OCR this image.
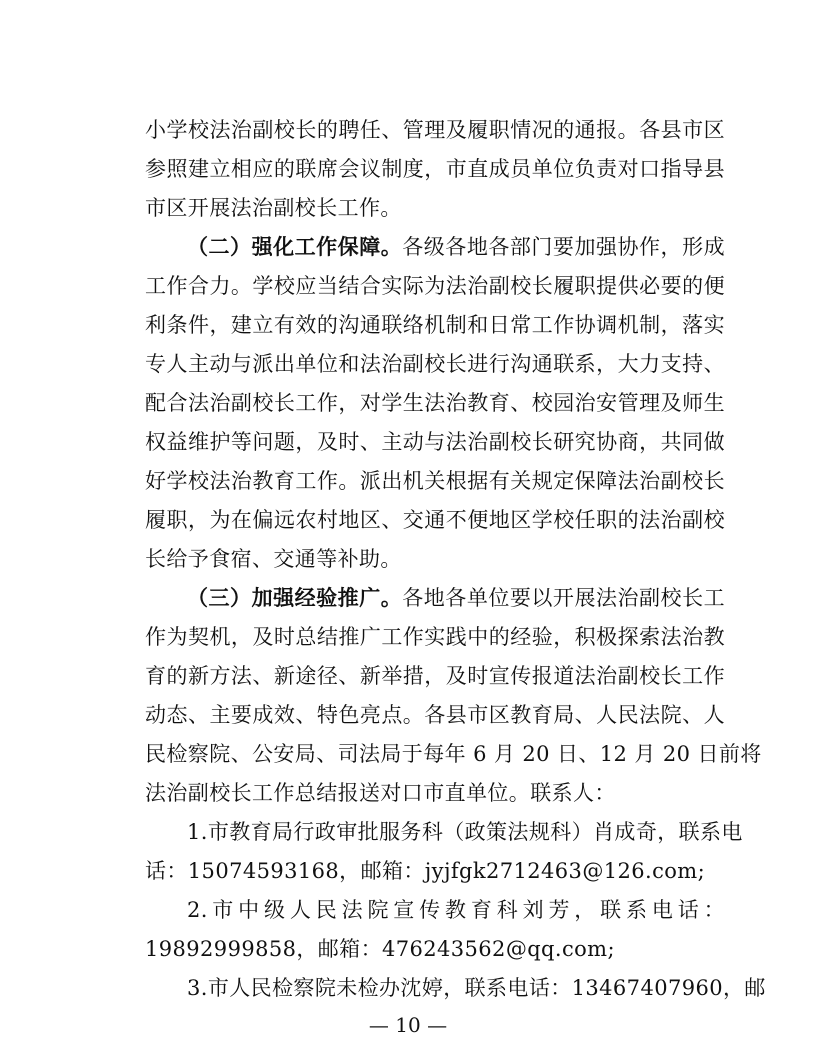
小学校法治副校长的聘任、管理及履职情况的通报。各县市区
参照建立相应的联席会议制度，市直成员单位负责对口指导县
市区开展法治副校长工作。
（二）强化工作保障。各级各地各部门要加强协作，形成
工作合力。学校应当结合实际为法治副校长履职提供必要的便
利条件，建立有效的沟通联络机制和日常工作协调机制，落实
专人主动与派出单位和法治副校长进行沟通联系，大力支持、
配合法治副校长工作，对学生法治教育、校园治安管理及师生
权益维护等问题，及时、主动与法治副校长研究协商，共同做
好学校法治教育工作。派出机关根据有关规定保障法治副校长
履职，为在偏远农村地区、交通不便地区学校任职的法治副校
长给予食宿、交通等补助。
（三）加强经验推广。各地各单位要以开展法治副校长工
作为契机，及时总结推广工作实践中的经验，积极探索法治教
育的新方法、新途径、新举措，及时宣传报道法治副校长工作
动态、主要成效、特色亮点。各县市区教育局、人民法院、人
民检察院、公安局、司法局于每年 6 月 20 日、12 月 20 日前将
法治副校长工作总结报送对口市直单位。联系人：
1.市教育局行政审批服务科（政策法规科）肖成奇，联系电
话：15074593168，邮箱：jyjfgk2712463@126.com;
2.市中级人民法院宣传教育科刘芳，联系电话：
19892999858，邮箱：476243562@qq.com;
3.市人民检察院未检办沈婷，联系电话：13467407960，邮
— 10 —
